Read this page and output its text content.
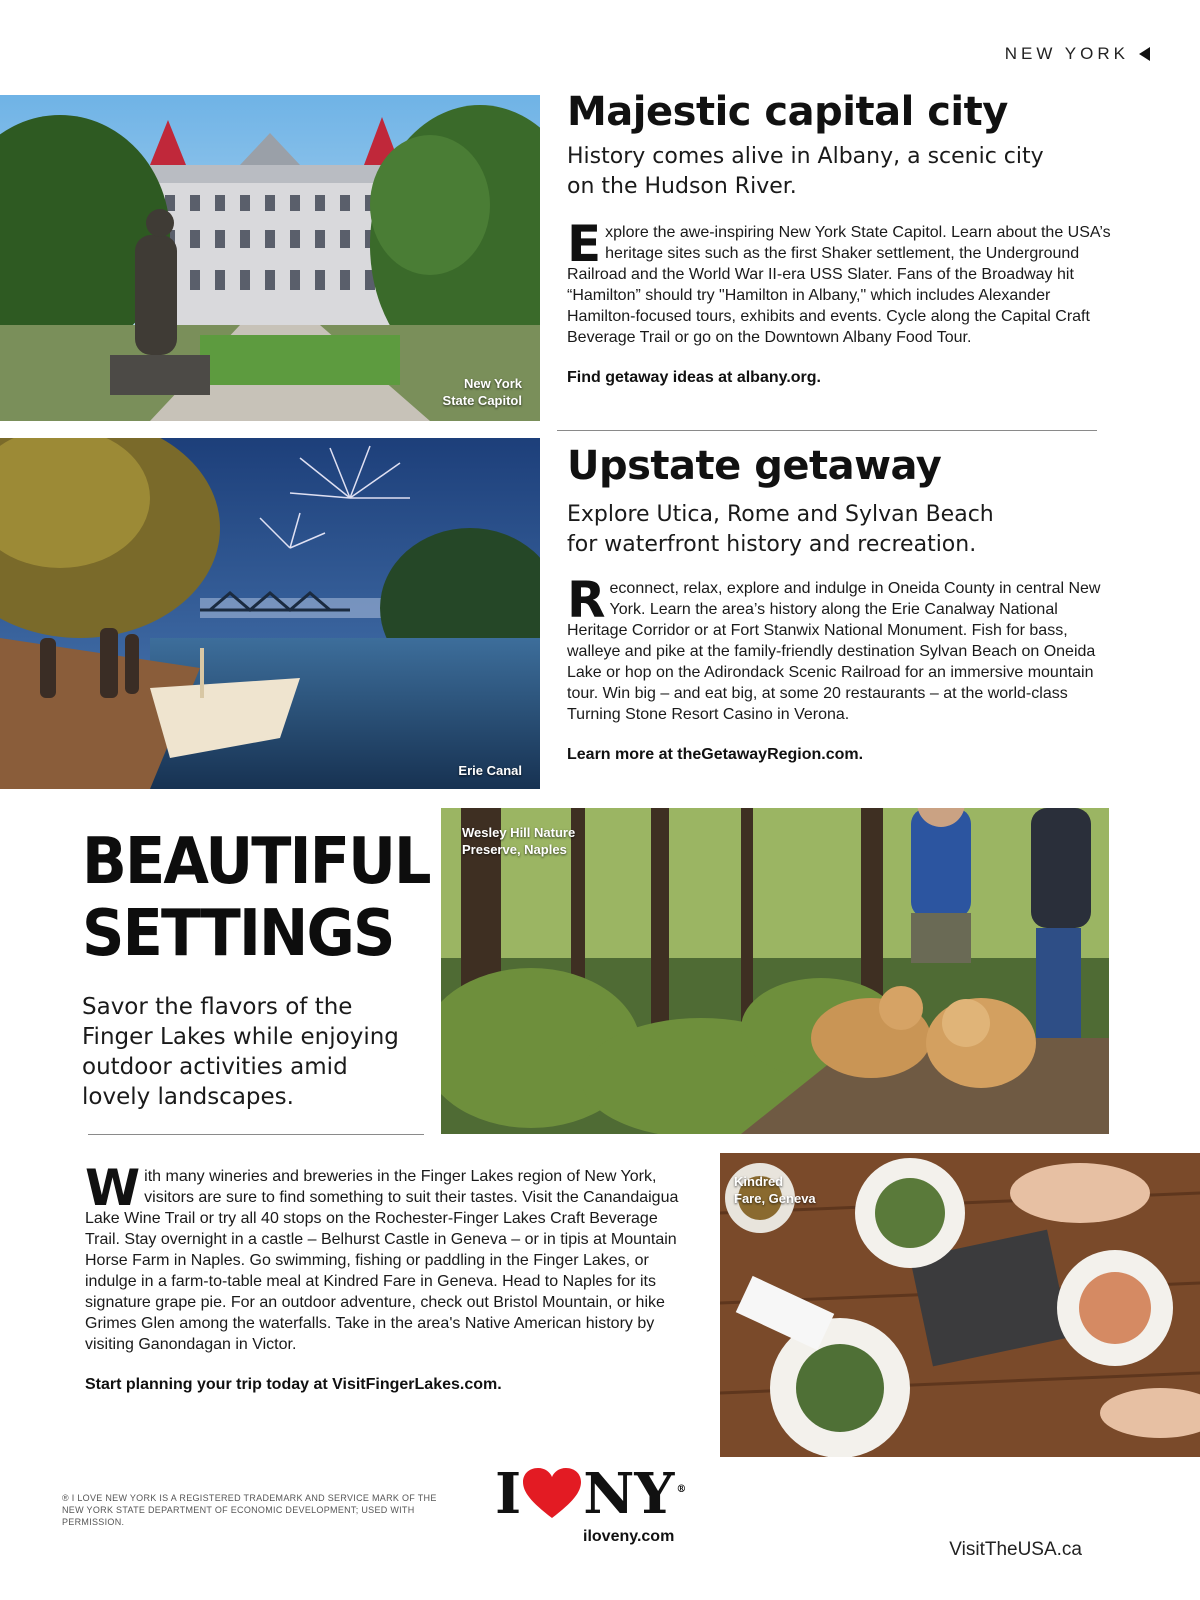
NEW YORK
New York
State Capitol
Majestic capital city

History comes alive in Albany, a scenic city on the Hudson River.

E xplore the awe-inspiring New York State Capitol. Learn about the USA’s heritage sites such as the first Shaker settlement, the Underground Railroad and the World War II-era USS Slater. Fans of the Broadway hit “Hamilton” should try "Hamilton in Albany," which includes Alexander Hamilton-focused tours, exhibits and events. Cycle along the Capital Craft Beverage Trail or go on the Downtown Albany Food Tour.

Find getaway ideas at albany.org.

Erie Canal
Upstate getaway

Explore Utica, Rome and Sylvan Beach for waterfront history and recreation.

R econnect, relax, explore and indulge in Oneida County in central New York. Learn the area’s history along the Erie Canalway National Heritage Corridor or at Fort Stanwix National Monument. Fish for bass, walleye and pike at the family-friendly destination Sylvan Beach on Oneida Lake or hop on the Adirondack Scenic Railroad for an immersive mountain tour. Win big – and eat big, at some 20 restaurants – at the world-class Turning Stone Resort Casino in Verona.

Learn more at theGetawayRegion.com.

BEAUTIFUL
SETTINGS

Savor the flavors of the Finger Lakes while enjoying outdoor activities amid lovely landscapes.

Wesley Hill Nature
Preserve, Naples
W ith many wineries and breweries in the Finger Lakes region of New York, visitors are sure to find something to suit their tastes. Visit the Canandaigua Lake Wine Trail or try all 40 stops on the Rochester-Finger Lakes Craft Beverage Trail. Stay overnight in a castle – Belhurst Castle in Geneva – or in tipis at Mountain Horse Farm in Naples. Go swimming, fishing or paddling in the Finger Lakes, or indulge in a farm-to-table meal at Kindred Fare in Geneva. Head to Naples for its signature grape pie. For an outdoor adventure, check out Bristol Mountain, or hike Grimes Glen among the waterfalls. Take in the area's Native American history by visiting Ganondagan in Victor.

Start planning your trip today at VisitFingerLakes.com.

Kindred
Fare, Geneva
® I LOVE NEW YORK IS A REGISTERED TRADEMARK AND SERVICE MARK OF THE NEW YORK STATE DEPARTMENT OF ECONOMIC DEVELOPMENT; USED WITH PERMISSION.	I NY ®
iloveny.com
VisitTheUSA.ca
